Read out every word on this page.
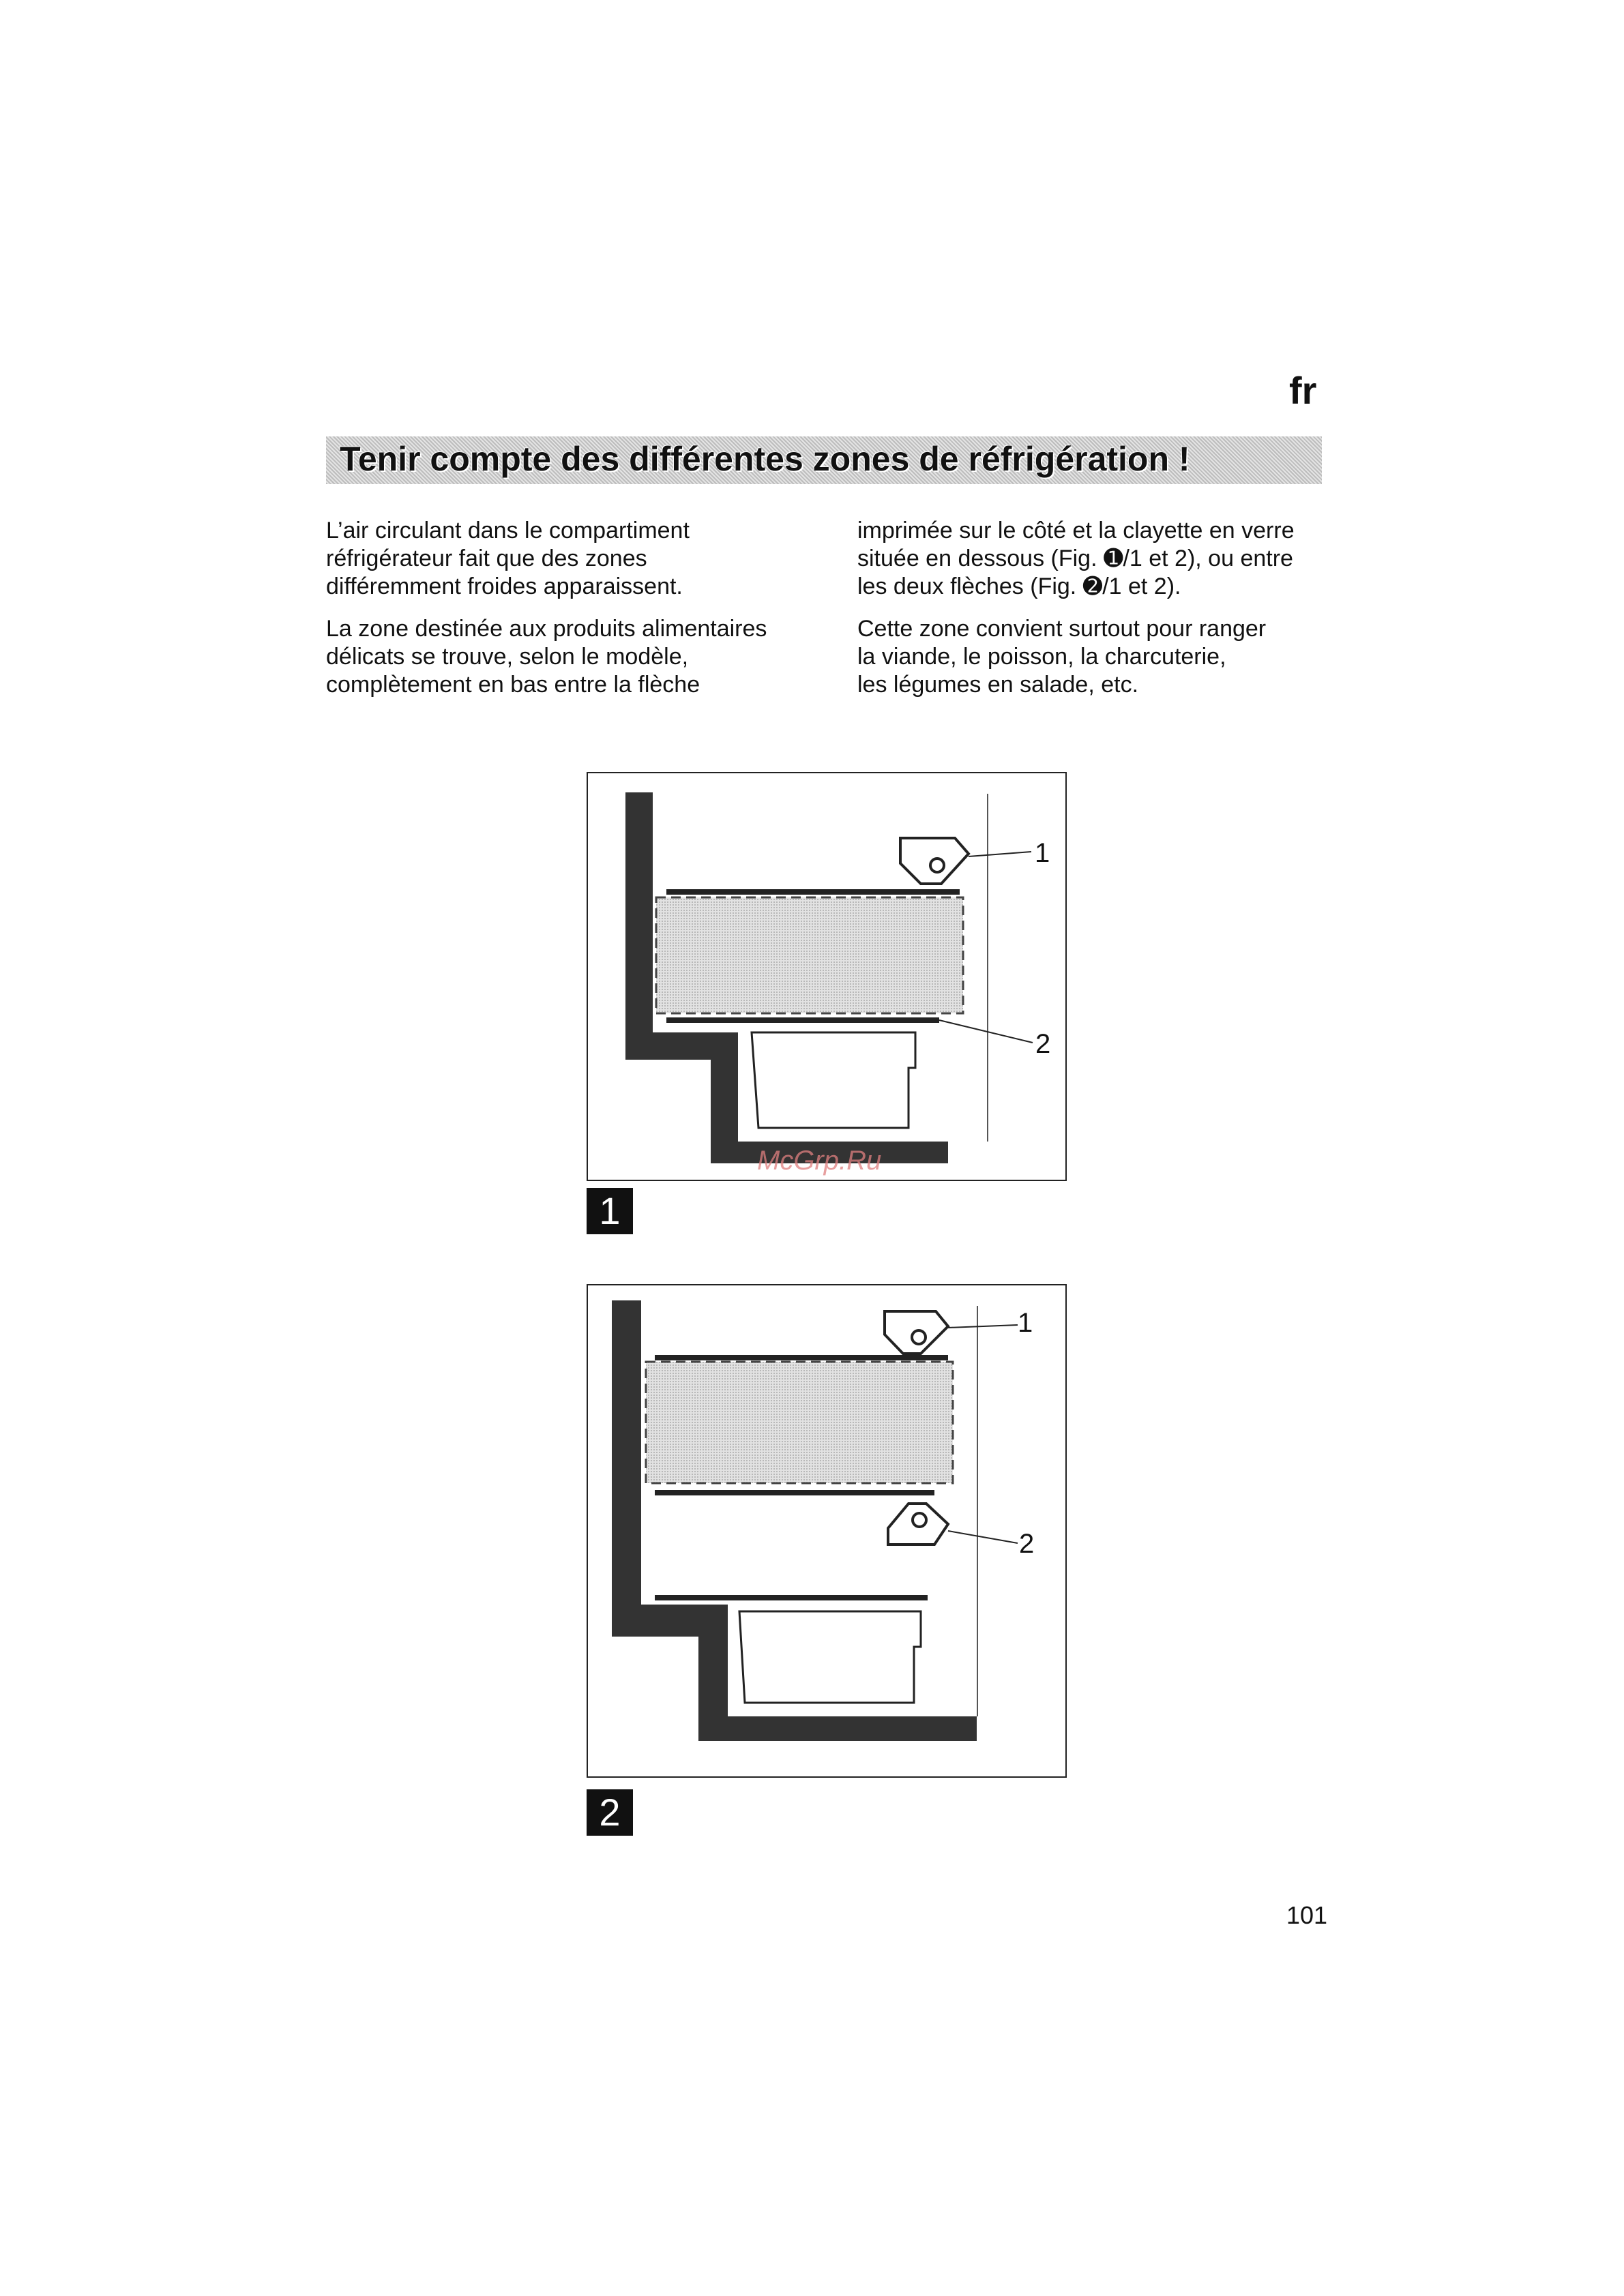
fr
Tenir compte des différentes zones de réfrigération !

L’air circulant dans le compartiment
réfrigérateur fait que des zones
différemment froides apparaissent.

La zone destinée aux produits alimentaires
délicats se trouve, selon le modèle,
complètement en bas entre la flèche

imprimée sur le côté et la clayette en verre
située en dessous (Fig. ➊/1 et 2), ou entre
les deux flèches (Fig. ➋/1 et 2).

Cette zone convient surtout pour ranger
la viande, le poisson, la charcuterie,
les légumes en salade, etc.

1
2
1
McGrp.Ru
1
2
2
101
